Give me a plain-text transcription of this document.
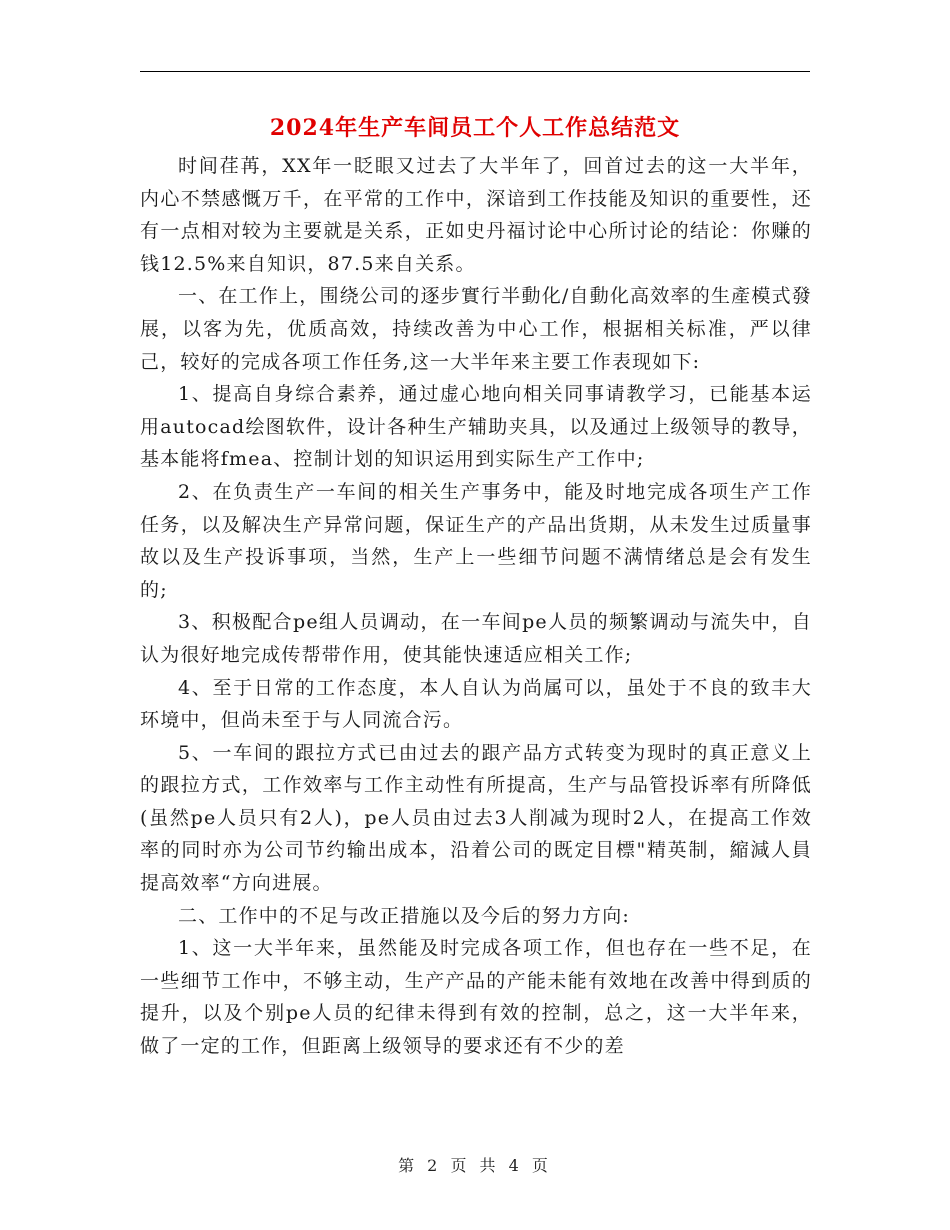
2024年生产车间员工个人工作总结范文

时间荏苒，XX年一眨眼又过去了大半年了，回首过去的这一大半年，内心不禁感慨万千，在平常的工作中，深谙到工作技能及知识的重要性，还有一点相对较为主要就是关系，正如史丹福讨论中心所讨论的结论：你赚的钱12.5%来自知识，87.5来自关系。

一、在工作上，围绕公司的逐步實行半動化/自動化高效率的生產模式發展，以客为先，优质高效，持续改善为中心工作，根据相关标准，严以律己，较好的完成各项工作任务,这一大半年来主要工作表现如下:

1、提高自身综合素养，通过虚心地向相关同事请教学习，已能基本运用autocad绘图软件，设计各种生产辅助夹具，以及通过上级领导的教导，基本能将fmea、控制计划的知识运用到实际生产工作中;

2、在负责生产一车间的相关生产事务中，能及时地完成各项生产工作任务，以及解决生产异常问题，保证生产的产品出货期，从未发生过质量事故以及生产投诉事项，当然，生产上一些细节问题不满情绪总是会有发生的;

3、积极配合pe组人员调动，在一车间pe人员的频繁调动与流失中，自认为很好地完成传帮带作用，使其能快速适应相关工作;

4、至于日常的工作态度，本人自认为尚属可以，虽处于不良的致丰大环境中，但尚未至于与人同流合污。

5、一车间的跟拉方式已由过去的跟产品方式转变为现时的真正意义上的跟拉方式，工作效率与工作主动性有所提高，生产与品管投诉率有所降低(虽然pe人员只有2人)，pe人员由过去3人削减为现时2人，在提高工作效率的同时亦为公司节约输出成本，沿着公司的既定目標"精英制，縮減人員提高效率“方向进展。

二、工作中的不足与改正措施以及今后的努力方向:

1、这一大半年来，虽然能及时完成各项工作，但也存在一些不足，在一些细节工作中，不够主动，生产产品的产能未能有效地在改善中得到质的提升，以及个别pe人员的纪律未得到有效的控制，总之，这一大半年来，做了一定的工作，但距离上级领导的要求还有不少的差

第 2 页 共 4 页
